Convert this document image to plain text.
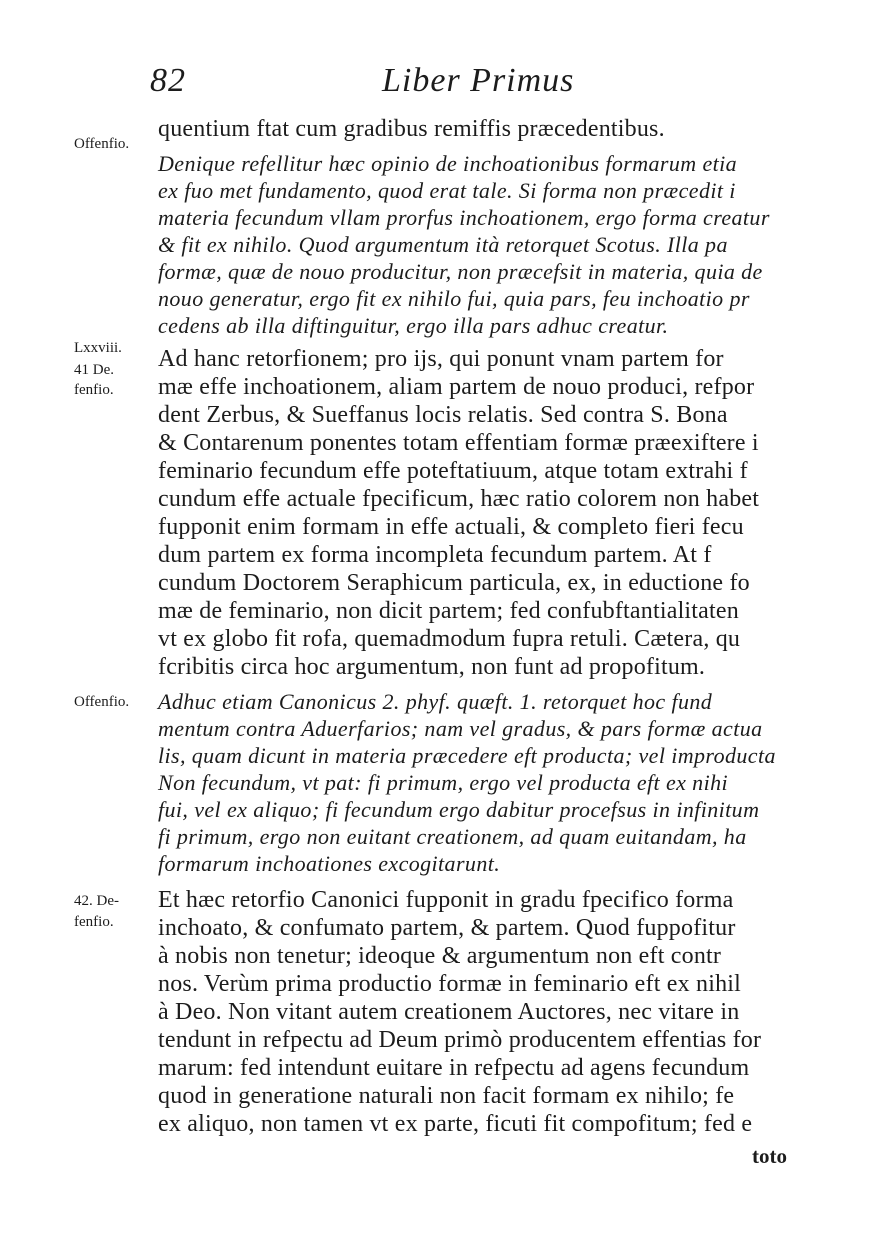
82	Liber Primus
Offenfio.
Lxxviii.
41 De.
fenfio.
Offenfio.
42. De-
fenfio.
quentium ftat cum gradibus remiffis præcedentibus.
Denique refellitur hæc opinio de inchoationibus formarum etia
ex fuo met fundamento, quod erat tale. Si forma non præcedit i
materia fecundum vllam prorfus inchoationem, ergo forma creatur
& fit ex nihilo. Quod argumentum ità retorquet Scotus. Illa pa
formæ, quæ de nouo producitur, non præcefsit in materia, quia de
nouo generatur, ergo fit ex nihilo fui, quia pars, feu inchoatio pr
cedens ab illa diftinguitur, ergo illa pars adhuc creatur.
Ad hanc retorfionem; pro ijs, qui ponunt vnam partem for
mæ effe inchoationem, aliam partem de nouo produci, refpor
dent Zerbus, & Sueffanus locis relatis. Sed contra S. Bona
& Contarenum ponentes totam effentiam formæ præexiftere i
feminario fecundum effe poteftatiuum, atque totam extrahi f
cundum effe actuale fpecificum, hæc ratio colorem non habet
fupponit enim formam in effe actuali, & completo fieri fecu
dum partem ex forma incompleta fecundum partem. At f
cundum Doctorem Seraphicum particula, ex, in eductione fo
mæ de feminario, non dicit partem; fed confubftantialitaten
vt ex globo fit rofa, quemadmodum fupra retuli. Cætera, qu
fcribitis circa hoc argumentum, non funt ad propofitum.
Adhuc etiam Canonicus 2. phyf. quæft. 1. retorquet hoc fund
mentum contra Aduerfarios; nam vel gradus, & pars formæ actua
lis, quam dicunt in materia præcedere eft producta; vel improducta
Non fecundum, vt pat: fi primum, ergo vel producta eft ex nihi
fui, vel ex aliquo; fi fecundum ergo dabitur procefsus in infinitum
fi primum, ergo non euitant creationem, ad quam euitandam, ha
formarum inchoationes excogitarunt.
Et hæc retorfio Canonici fupponit in gradu fpecifico forma
inchoato, & confumato partem, & partem. Quod fuppofitur
à nobis non tenetur; ideoque & argumentum non eft contr
nos. Verùm prima productio formæ in feminario eft ex nihil
à Deo. Non vitant autem creationem Auctores, nec vitare in
tendunt in refpectu ad Deum primò producentem effentias for
marum: fed intendunt euitare in refpectu ad agens fecundum
quod in generatione naturali non facit formam ex nihilo; fe
ex aliquo, non tamen vt ex parte, ficuti fit compofitum; fed e
toto
